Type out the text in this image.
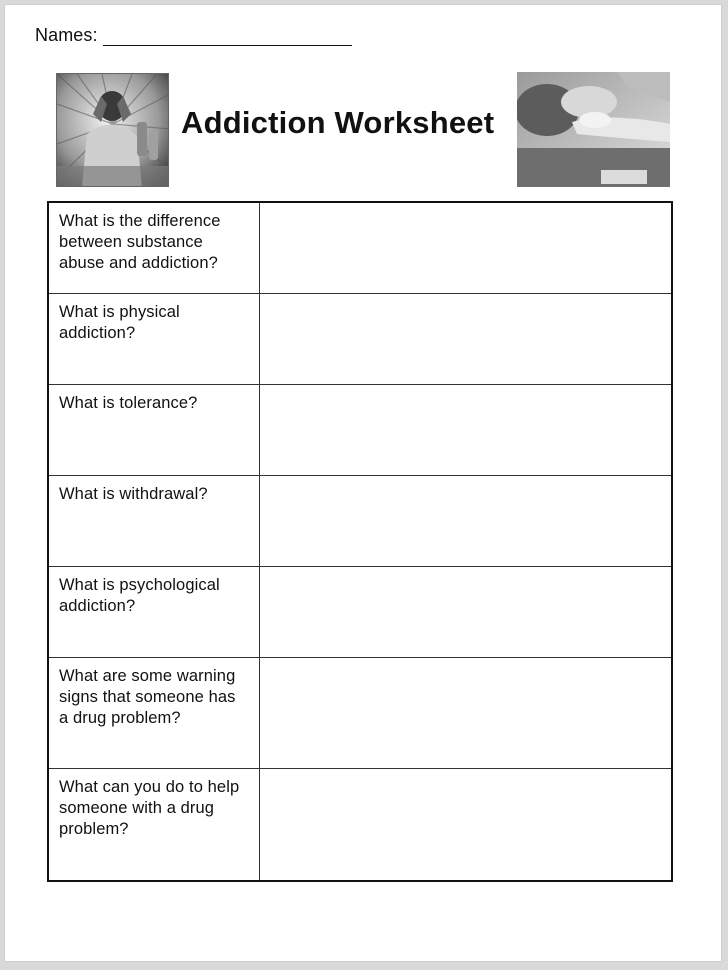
Names:
Addiction Worksheet
What is the difference between substance abuse and addiction?	
What is physical addiction?	
What is tolerance?	
What is withdrawal?	
What is psychological addiction?	
What are some warning signs that someone has a drug problem?	
What can you do to help someone with a drug problem?	
